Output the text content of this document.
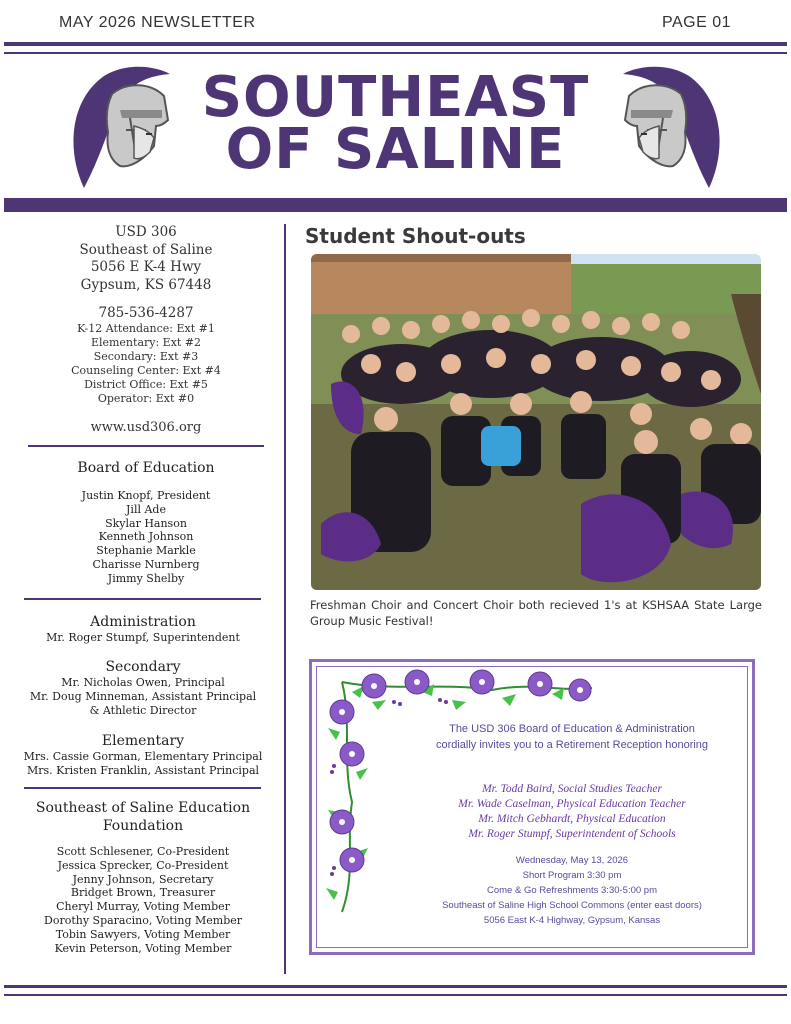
MAY 2026 NEWSLETTER	PAGE 01
SOUTHEAST
OF SALINE
USD 306
Southeast of Saline
5056 E K-4 Hwy
Gypsum, KS 67448
785-536-4287
K-12 Attendance: Ext #1
Elementary: Ext #2
Secondary: Ext #3
Counseling Center: Ext #4
District Office: Ext #5
Operator: Ext #0
www.usd306.org
Board of Education
Justin Knopf, President
Jill Ade
Skylar Hanson
Kenneth Johnson
Stephanie Markle
Charisse Nurnberg
Jimmy Shelby
Administration
Mr. Roger Stumpf, Superintendent
Secondary
Mr. Nicholas Owen, Principal
Mr. Doug Minneman, Assistant Principal
& Athletic Director
Elementary
Mrs. Cassie Gorman, Elementary Principal
Mrs. Kristen Franklin, Assistant Principal
Southeast of Saline Education
Foundation
Scott Schlesener, Co-President
Jessica Sprecker, Co-President
Jenny Johnson, Secretary
Bridget Brown, Treasurer
Cheryl Murray, Voting Member
Dorothy Sparacino, Voting Member
Tobin Sawyers, Voting Member
Kevin Peterson, Voting Member
Student Shout-outs
Freshman Choir and Concert Choir both recieved 1's at KSHSAA State Large Group Music Festival!
The USD 306 Board of Education & Administration
cordially invites you to a Retirement Reception honoring
Mr. Todd Baird, Social Studies Teacher
Mr. Wade Caselman, Physical Education Teacher
Mr. Mitch Gebhardt, Physical Education
Mr. Roger Stumpf, Superintendent of Schools
Wednesday, May 13, 2026
Short Program 3:30 pm
Come & Go Refreshments 3:30-5:00 pm
Southeast of Saline High School Commons (enter east doors)
5056 East K-4 Highway, Gypsum, Kansas
